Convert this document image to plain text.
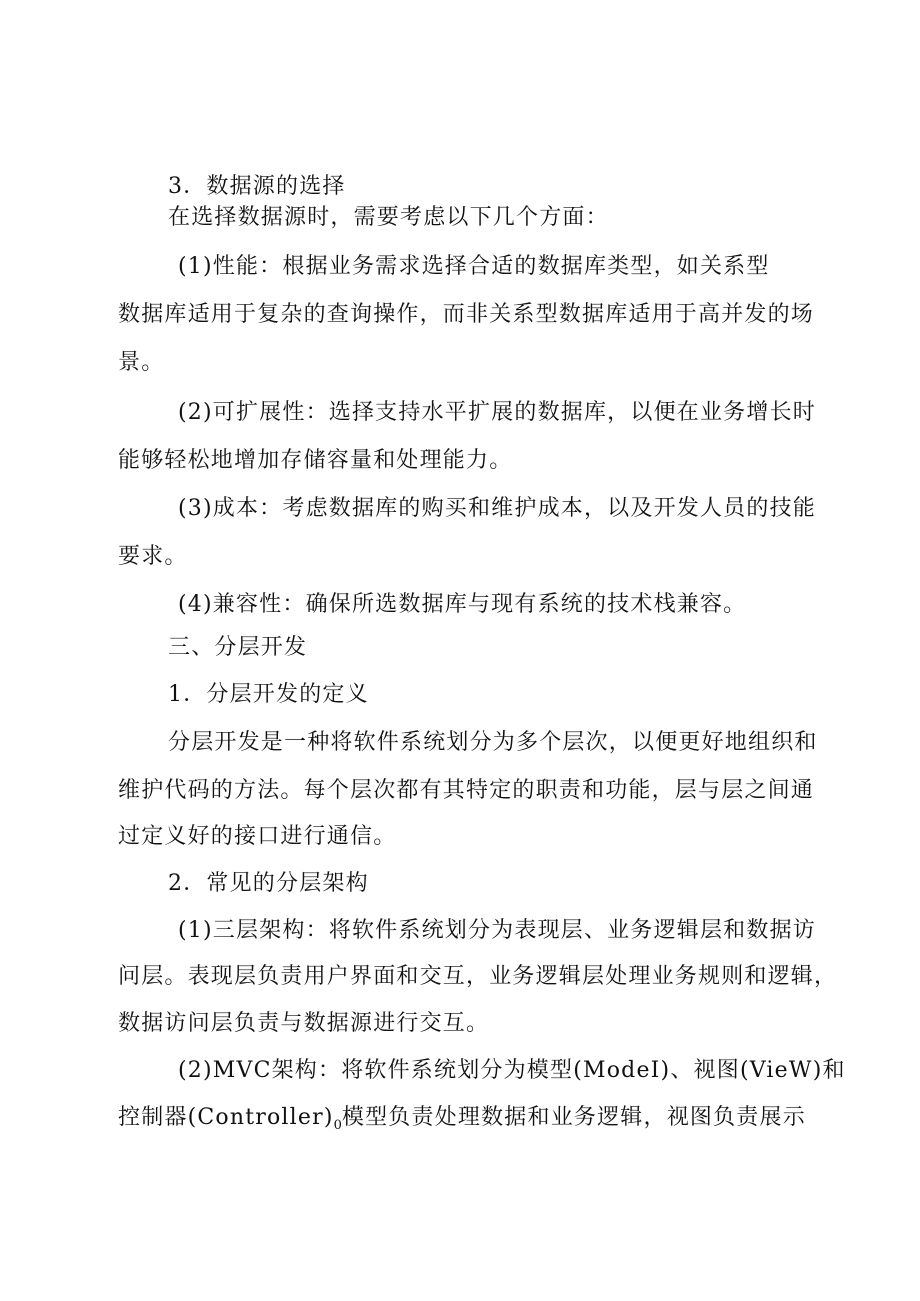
3．数据源的选择
在选择数据源时，需要考虑以下几个方面：
(1)性能：根据业务需求选择合适的数据库类型，如关系型
数据库适用于复杂的查询操作，而非关系型数据库适用于高并发的场
景。
(2)可扩展性：选择支持水平扩展的数据库，以便在业务增长时
能够轻松地增加存储容量和处理能力。
(3)成本：考虑数据库的购买和维护成本，以及开发人员的技能
要求。
(4)兼容性：确保所选数据库与现有系统的技术栈兼容。
三、分层开发
1．分层开发的定义
分层开发是一种将软件系统划分为多个层次，以便更好地组织和
维护代码的方法。每个层次都有其特定的职责和功能，层与层之间通
过定义好的接口进行通信。
2．常见的分层架构
(1)三层架构：将软件系统划分为表现层、业务逻辑层和数据访
问层。表现层负责用户界面和交互，业务逻辑层处理业务规则和逻辑，
数据访问层负责与数据源进行交互。
(2)MVC架构：将软件系统划分为模型(ModeI)、视图(VieW)和
控制器$(Controller)_0$模型负责处理数据和业务逻辑，视图负责展示
